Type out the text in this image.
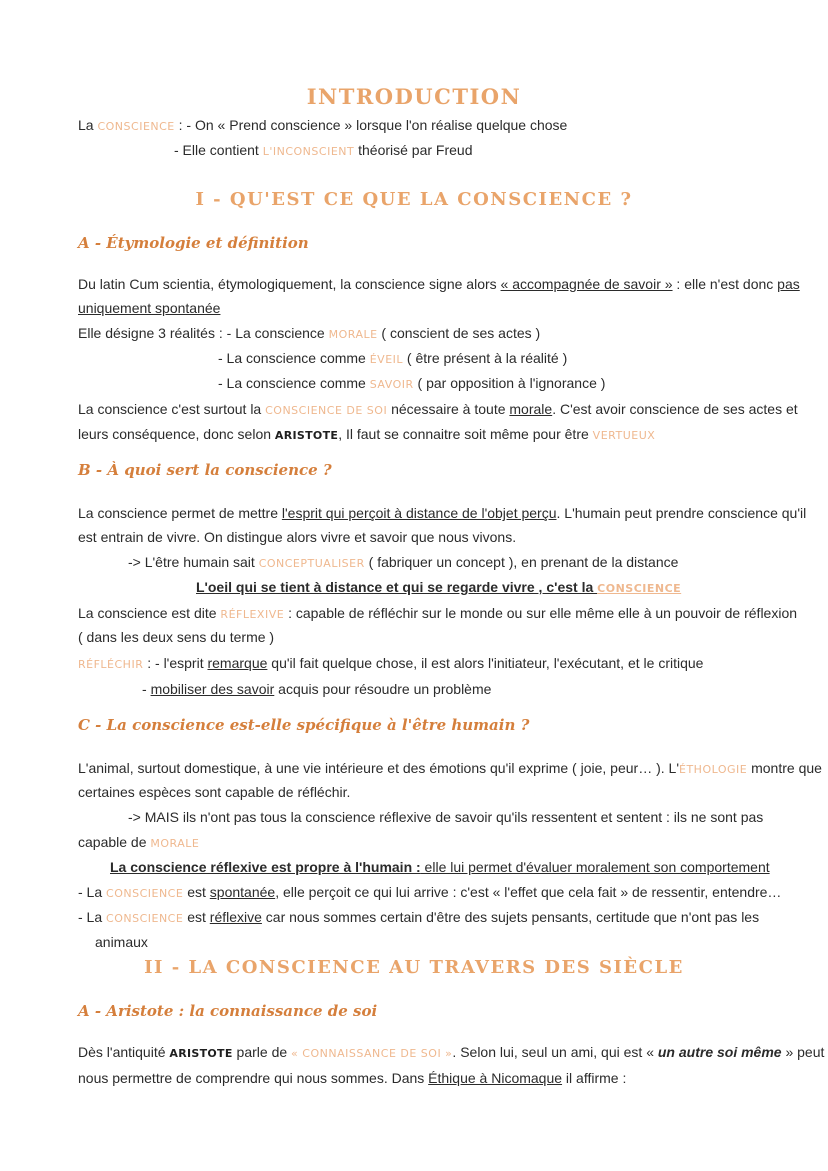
INTRODUCTION
La CONSCIENCE : - On « Prend conscience » lorsque l'on réalise quelque chose
- Elle contient L'INCONSCIENT théorisé par Freud
I - QU'EST CE QUE LA CONSCIENCE ?
A - Étymologie et définition
Du latin Cum scientia, étymologiquement, la conscience signe alors « accompagnée de savoir » : elle n'est donc pas
uniquement spontanée
Elle désigne 3 réalités : - La conscience MORALE ( conscient de ses actes )
- La conscience comme ÉVEIL ( être présent à la réalité )
- La conscience comme SAVOIR ( par opposition à l'ignorance )
La conscience c'est surtout la CONSCIENCE DE SOI nécessaire à toute morale. C'est avoir conscience de ses actes et
leurs conséquence, donc selon ARISTOTE, Il faut se connaitre soit même pour être VERTUEUX
B - À quoi sert la conscience ?
La conscience permet de mettre l'esprit qui perçoit à distance de l'objet perçu. L'humain peut prendre conscience qu'il
est entrain de vivre. On distingue alors vivre et savoir que nous vivons.
-> L'être humain sait CONCEPTUALISER ( fabriquer un concept ), en prenant de la distance
L'oeil qui se tient à distance et qui se regarde vivre , c'est la CONSCIENCE
La conscience est dite RÉFLEXIVE : capable de réfléchir sur le monde ou sur elle même elle à un pouvoir de réflexion
( dans les deux sens du terme )
RÉFLÉCHIR : - l'esprit remarque qu'il fait quelque chose, il est alors l'initiateur, l'exécutant, et le critique
- mobiliser des savoir acquis pour résoudre un problème
C - La conscience est-elle spécifique à l'être humain ?
L'animal, surtout domestique, à une vie intérieure et des émotions qu'il exprime ( joie, peur… ). L'ÉTHOLOGIE montre que
certaines espèces sont capable de réfléchir.
-> MAIS ils n'ont pas tous la conscience réflexive de savoir qu'ils ressentent et sentent : ils ne sont pas
capable de MORALE
La conscience réflexive est propre à l'humain : elle lui permet d'évaluer moralement son comportement
- La CONSCIENCE est spontanée, elle perçoit ce qui lui arrive : c'est « l'effet que cela fait » de ressentir, entendre…
- La CONSCIENCE est réflexive car nous sommes certain d'être des sujets pensants, certitude que n'ont pas les
animaux
II - LA CONSCIENCE AU TRAVERS DES SIÈCLE
A - Aristote : la connaissance de soi
Dès l'antiquité ARISTOTE parle de « CONNAISSANCE DE SOI ». Selon lui, seul un ami, qui est « un autre soi même » peut
nous permettre de comprendre qui nous sommes. Dans Éthique à Nicomaque il affirme :
